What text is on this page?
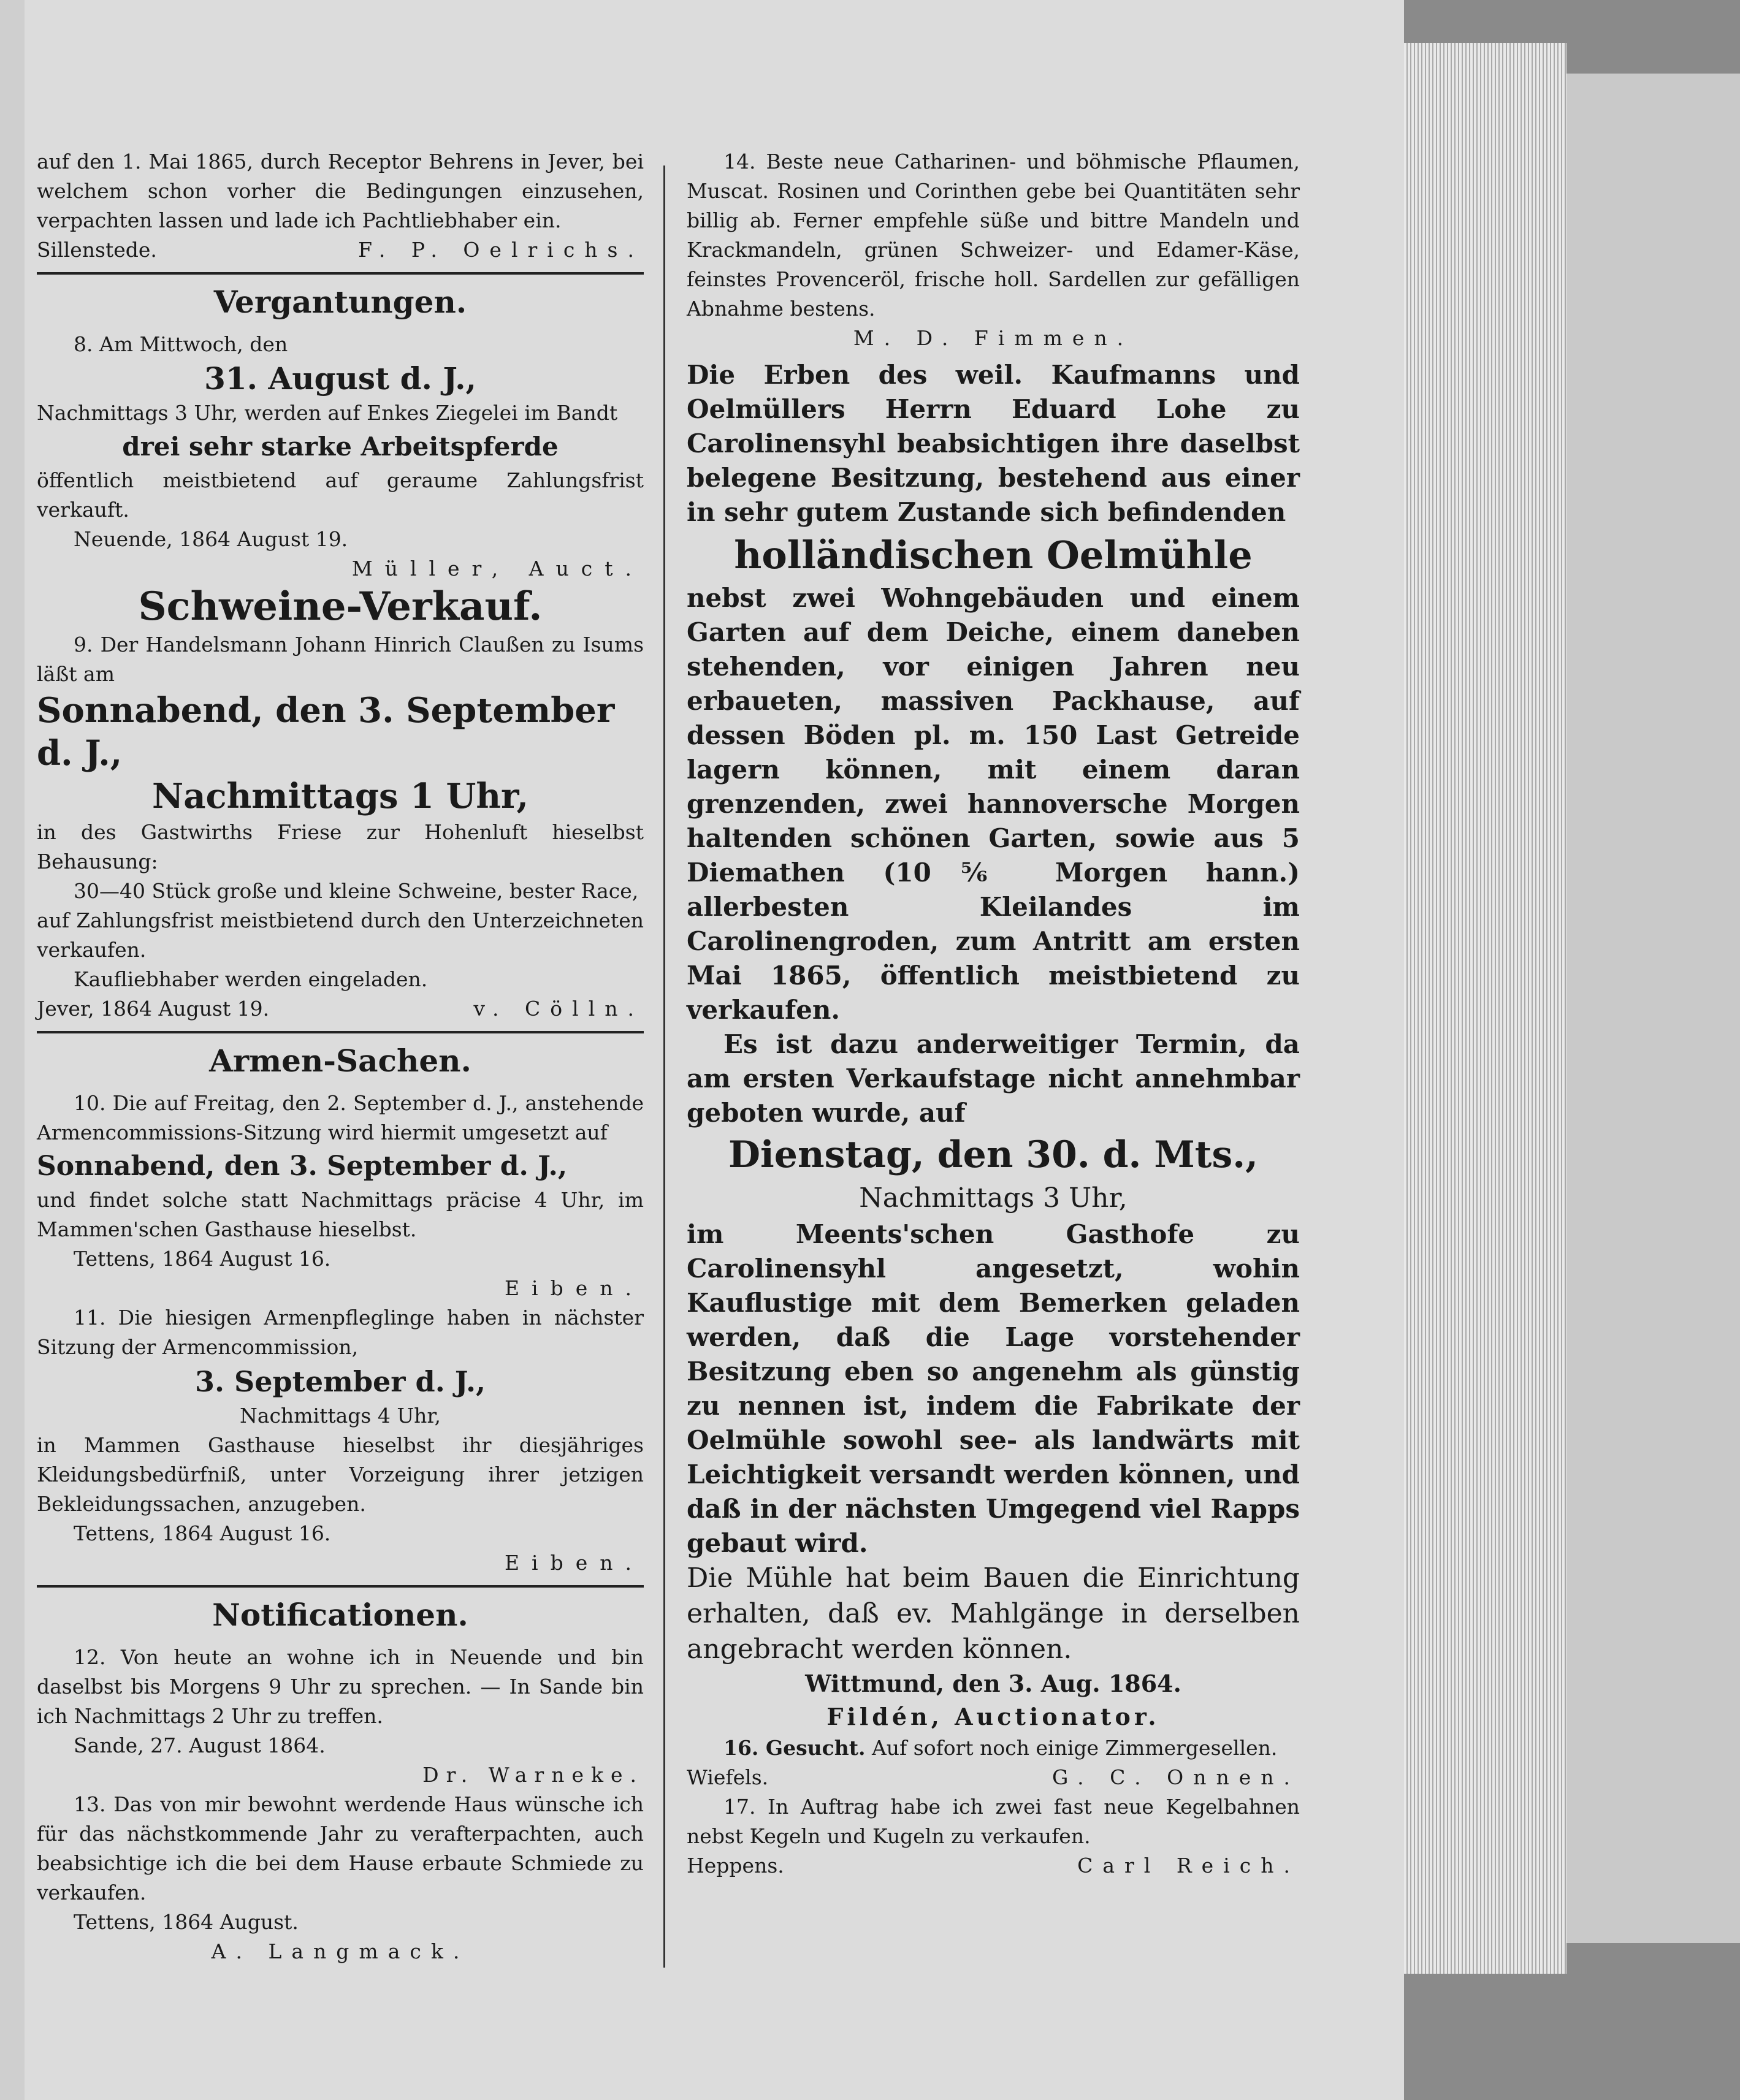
auf den 1. Mai 1865, durch Receptor Behrens in Jever, bei welchem schon vorher die Bedingungen einzusehen, verpachten lassen und lade ich Pachtliebhaber ein.

Sillenstede.	F. P. Oelrichs.

Vergantungen.

8. Am Mittwoch, den

31. August d. J.,

Nachmittags 3 Uhr, werden auf Enkes Ziegelei im Bandt

drei sehr starke Arbeitspferde

öffentlich meistbietend auf geraume Zahlungsfrist verkauft.

Neuende, 1864 August 19.

Müller, Auct.

Schweine-Verkauf.

9. Der Handelsmann Johann Hinrich Claußen zu Isums läßt am

Sonnabend, den 3. September d. J.,

Nachmittags 1 Uhr,

in des Gastwirths Friese zur Hohenluft hieselbst Behausung:

30—40 Stück große und kleine Schweine, bester Race,

auf Zahlungsfrist meistbietend durch den Unterzeichneten verkaufen.

Kaufliebhaber werden eingeladen.

Jever, 1864 August 19.	v. Cölln.

Armen-Sachen.

10. Die auf Freitag, den 2. September d. J., anstehende Armencommissions-Sitzung wird hiermit umgesetzt auf

Sonnabend, den 3. September d. J.,

und findet solche statt Nachmittags präcise 4 Uhr, im Mammen'schen Gasthause hieselbst.

Tettens, 1864 August 16.

Eiben.

11. Die hiesigen Armenpfleglinge haben in nächster Sitzung der Armencommission,

3. September d. J.,

Nachmittags 4 Uhr,

in Mammen Gasthause hieselbst ihr diesjähriges Kleidungsbedürfniß, unter Vorzeigung ihrer jetzigen Bekleidungssachen, anzugeben.

Tettens, 1864 August 16.

Eiben.

Notificationen.

12. Von heute an wohne ich in Neuende und bin daselbst bis Morgens 9 Uhr zu sprechen. — In Sande bin ich Nachmittags 2 Uhr zu treffen.

Sande, 27. August 1864.

Dr. Warneke.

13. Das von mir bewohnt werdende Haus wünsche ich für das nächstkommende Jahr zu verafterpachten, auch beabsichtige ich die bei dem Hause erbaute Schmiede zu verkaufen.

Tettens, 1864 August.

A. Langmack.

14. Beste neue Catharinen- und böhmische Pflaumen, Muscat. Rosinen und Corinthen gebe bei Quantitäten sehr billig ab. Ferner empfehle süße und bittre Mandeln und Krackmandeln, grünen Schweizer- und Edamer-Käse, feinstes Provenceröl, frische holl. Sardellen zur gefälligen Abnahme bestens.

M. D. Fimmen.

Die Erben des weil. Kaufmanns und Oelmüllers Herrn Eduard Lohe zu Carolinensyhl beabsichtigen ihre daselbst belegene Besitzung, bestehend aus einer in sehr gutem Zustande sich befindenden

holländischen Oelmühle

nebst zwei Wohngebäuden und einem Garten auf dem Deiche, einem daneben stehenden, vor einigen Jahren neu erbaueten, massiven Packhause, auf dessen Böden pl. m. 150 Last Getreide lagern können, mit einem daran grenzenden, zwei hannoversche Morgen haltenden schönen Garten, sowie aus 5 Diemathen (10⅚ Morgen hann.) allerbesten Kleilandes im Carolinengroden, zum Antritt am ersten Mai 1865, öffentlich meistbietend zu verkaufen.

Es ist dazu anderweitiger Termin, da am ersten Verkaufstage nicht annehmbar geboten wurde, auf

Dienstag, den 30. d. Mts.,

Nachmittags 3 Uhr,

im Meents'schen Gasthofe zu Carolinensyhl angesetzt, wohin Kauflustige mit dem Bemerken geladen werden, daß die Lage vorstehender Besitzung eben so angenehm als günstig zu nennen ist, indem die Fabrikate der Oelmühle sowohl see- als landwärts mit Leichtigkeit versandt werden können, und daß in der nächsten Umgegend viel Rapps gebaut wird.

Die Mühle hat beim Bauen die Einrichtung erhalten, daß ev. Mahlgänge in derselben angebracht werden können.

Wittmund, den 3. Aug. 1864.

Fildén, Auctionator.

16. Gesucht. Auf sofort noch einige Zimmergesellen.

Wiefels.	G. C. Onnen.

17. In Auftrag habe ich zwei fast neue Kegelbahnen nebst Kegeln und Kugeln zu verkaufen.

Heppens.	Carl Reich.
